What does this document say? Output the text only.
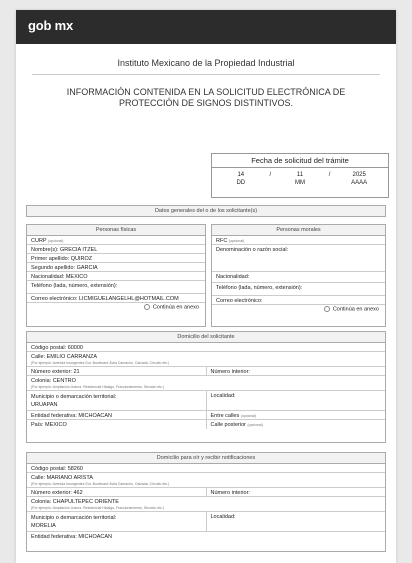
gob mx
Instituto Mexicano de la Propiedad Industrial
INFORMACIÓN CONTENIDA EN LA SOLICITUD ELECTRÓNICA DE PROTECCIÓN DE SIGNOS DISTINTIVOS.
Fecha de solicitud del trámite
14
DD
/	11
MM
/	2025
AAAA
Datos generales del o de los solicitante(s)
Personas físicas
CURP (opcional)
Nombre(s): GRECIA ITZEL
Primer apellido: QUIROZ
Segundo apellido: GARCIA
Nacionalidad: MEXICO
Teléfono (lada, número, extensión):
Correo electrónico: LICMIGUELANGELHL@HOTMAIL.COM
Continúa en anexo
Personas morales
RFC (opcional)
Denominación o razón social:
Nacionalidad:
Teléfono (lada, número, extensión):
Correo electrónico:
Continúa en anexo
Domicilio del solicitante
Código postal: 60000
Calle: EMILIO CARRANZA
(Por ejemplo: Avenida Insurgentes Sur, Boulevard Ávila Camacho, Calzada, Circuito etc.)
Número exterior: 21	Número interior:
Colonia: CENTRO
(Por ejemplo: Ampliación Juárez, Residencial Hidalgo, Fraccionamiento, Sección etc.)
Municipio o demarcación territorial:
URUAPAN
Localidad:
Entidad federativa: MICHOACAN	Entre calles (opcional)
País: MEXICO	Calle posterior (opcional)
Domicilio para oír y recibir notificaciones
Código postal: 58260
Calle: MARIANO ARISTA
(Por ejemplo: Avenida Insurgentes Sur, Boulevard Ávila Camacho, Calzada, Circuito etc.)
Número exterior: 462	Número interior:
Colonia: CHAPULTEPEC ORIENTE
(Por ejemplo: Ampliación Juárez, Residencial Hidalgo, Fraccionamiento, Sección etc.)
Municipio o demarcación territorial:
MORELIA
Localidad:
Entidad federativa: MICHOACAN
